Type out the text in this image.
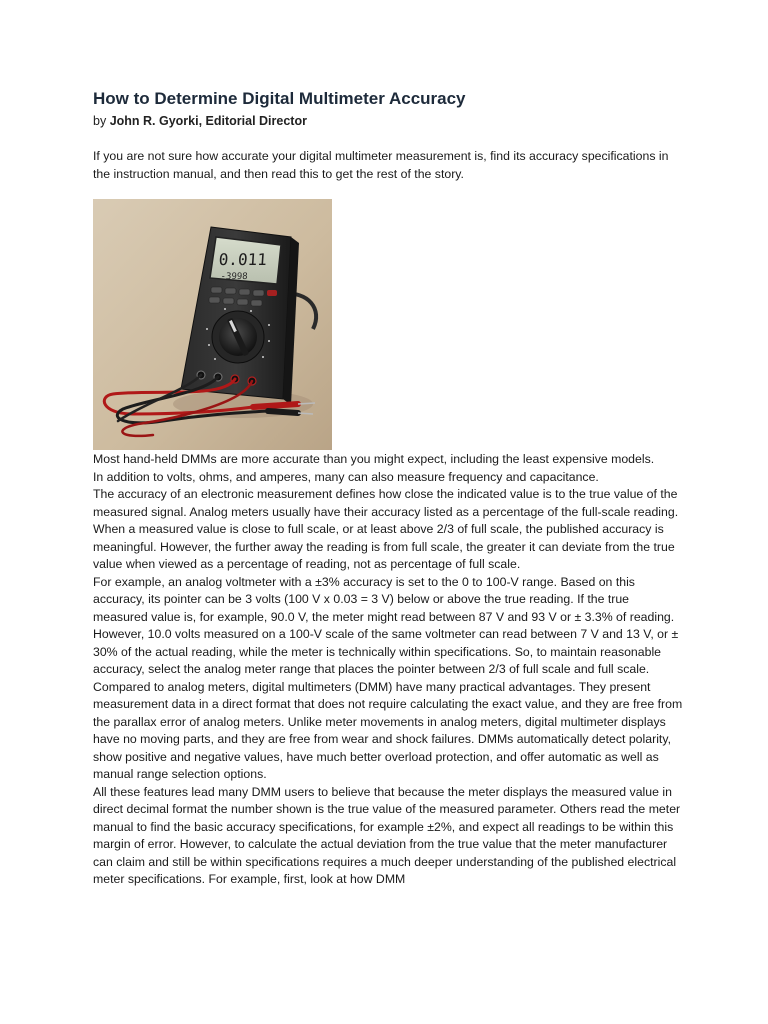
How to Determine Digital Multimeter Accuracy
by John R. Gyorki, Editorial Director
If you are not sure how accurate your digital multimeter measurement is, find its accuracy specifications in the instruction manual, and then read this to get the rest of the story.
0.011
-3998

Most hand-held DMMs are more accurate than you might expect, including the least expensive models.

In addition to volts, ohms, and amperes, many can also measure frequency and capacitance.

The accuracy of an electronic measurement defines how close the indicated value is to the true value of the measured signal. Analog meters usually have their accuracy listed as a percentage of the full-scale reading. When a measured value is close to full scale, or at least above 2/3 of full scale, the published accuracy is meaningful. However, the further away the reading is from full scale, the greater it can deviate from the true value when viewed as a percentage of reading, not as percentage of full scale.

For example, an analog voltmeter with a ±3% accuracy is set to the 0 to 100-V range. Based on this accuracy, its pointer can be 3 volts (100 V x 0.03 = 3 V) below or above the true reading. If the true measured value is, for example, 90.0 V, the meter might read between 87 V and 93 V or ± 3.3% of reading. However, 10.0 volts measured on a 100-V scale of the same voltmeter can read between 7 V and 13 V, or ± 30% of the actual reading, while the meter is technically within specifications. So, to maintain reasonable accuracy, select the analog meter range that places the pointer between 2/3 of full scale and full scale.

Compared to analog meters, digital multimeters (DMM) have many practical advantages. They present measurement data in a direct format that does not require calculating the exact value, and they are free from the parallax error of analog meters. Unlike meter movements in analog meters, digital multimeter displays have no moving parts, and they are free from wear and shock failures. DMMs automatically detect polarity, show positive and negative values, have much better overload protection, and offer automatic as well as manual range selection options.

All these features lead many DMM users to believe that because the meter displays the measured value in direct decimal format the number shown is the true value of the measured parameter. Others read the meter manual to find the basic accuracy specifications, for example ±2%, and expect all readings to be within this margin of error. However, to calculate the actual deviation from the true value that the meter manufacturer can claim and still be within specifications requires a much deeper understanding of the published electrical meter specifications. For example, first, look at how DMM
